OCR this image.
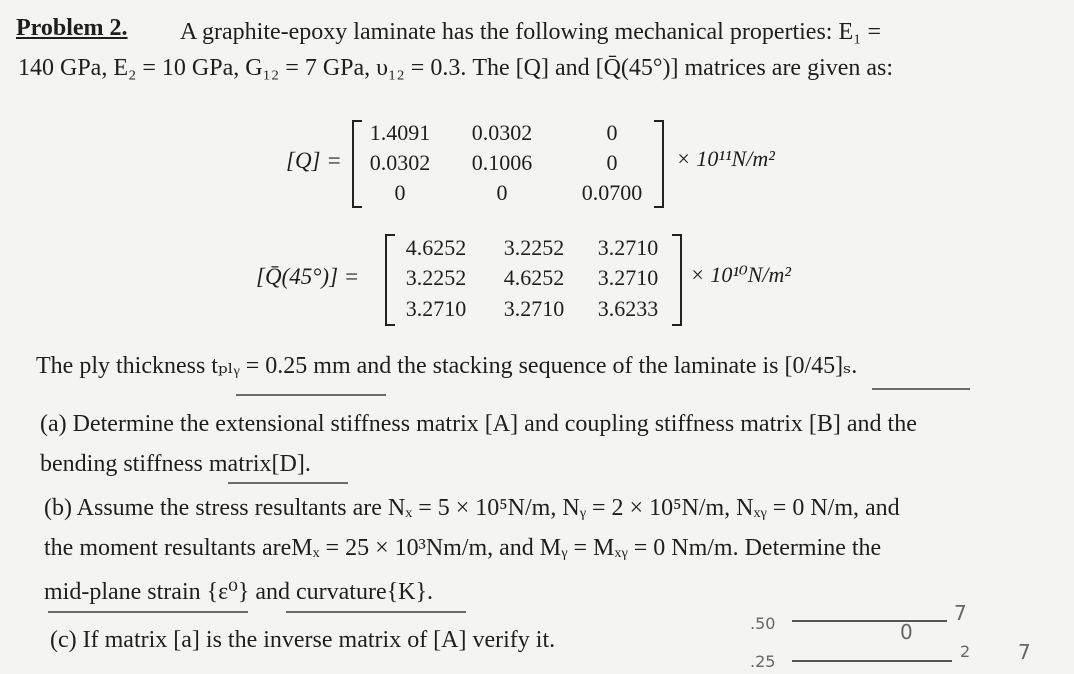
Problem 2. A graphite-epoxy laminate has the following mechanical properties: E₁ =
140 GPa, E₂ = 10 GPa, G₁₂ = 7 GPa, υ₁₂ = 0.3. The [Q] and [Q̄(45°)] matrices are given as:
[Q] =
1.4091	0.0302	0
0.0302	0.1006	0
0	0	0.0700
× 10¹¹N/m²
[Q̄(45°)] =
4.6252	3.2252	3.2710
3.2252	4.6252	3.2710
3.2710	3.2710	3.6233
× 10¹⁰N/m²
The ply thickness tₚₗᵧ = 0.25 mm and the stacking sequence of the laminate is [0/45]ₛ.
(a) Determine the extensional stiffness matrix [A] and coupling stiffness matrix [B] and the
bending stiffness matrix[D].
(b) Assume the stress resultants are Nₓ = 5 × 10⁵N/m, Nᵧ = 2 × 10⁵N/m, Nₓᵧ = 0 N/m, and
the moment resultants areMₓ = 25 × 10³Nm/m, and Mᵧ = Mₓᵧ = 0 Nm/m. Determine the
mid-plane strain {ε⁰} and curvature{K}.
(c) If matrix [a] is the inverse matrix of [A] verify it.
.50	7
0
.25
2 7
